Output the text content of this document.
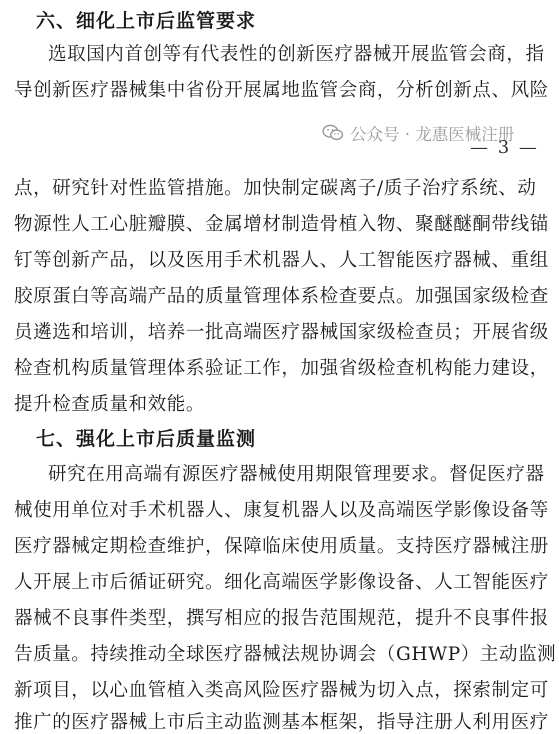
六、细化上市后监管要求
选取国内首创等有代表性的创新医疗器械开展监管会商，指
导创新医疗器械集中省份开展属地监管会商，分析创新点、风险
公众号 · 龙惠医械注册
— 3 —
点，研究针对性监管措施。加快制定碳离子/质子治疗系统、动
物源性人工心脏瓣膜、金属增材制造骨植入物、聚醚醚酮带线锚
钉等创新产品，以及医用手术机器人、人工智能医疗器械、重组
胶原蛋白等高端产品的质量管理体系检查要点。加强国家级检查
员遴选和培训，培养一批高端医疗器械国家级检查员；开展省级
检查机构质量管理体系验证工作，加强省级检查机构能力建设，
提升检查质量和效能。
七、强化上市后质量监测
研究在用高端有源医疗器械使用期限管理要求。督促医疗器
械使用单位对手术机器人、康复机器人以及高端医学影像设备等
医疗器械定期检查维护，保障临床使用质量。支持医疗器械注册
人开展上市后循证研究。细化高端医学影像设备、人工智能医疗
器械不良事件类型，撰写相应的报告范围规范，提升不良事件报
告质量。持续推动全球医疗器械法规协调会（GHWP）主动监测
新项目，以心血管植入类高风险医疗器械为切入点，探索制定可
推广的医疗器械上市后主动监测基本框架，指导注册人利用医疗
